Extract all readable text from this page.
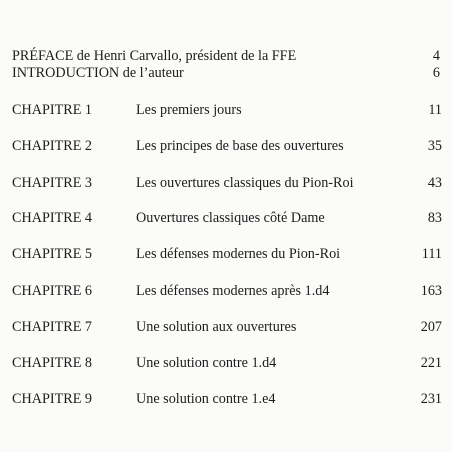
PRÉFACE de Henri Carvallo, président de la FFE	4
INTRODUCTION de l’auteur	6
CHAPITRE 1	Les premiers jours	11
CHAPITRE 2	Les principes de base des ouvertures	35
CHAPITRE 3	Les ouvertures classiques du Pion-Roi	43
CHAPITRE 4	Ouvertures classiques côté Dame	83
CHAPITRE 5	Les défenses modernes du Pion-Roi	111
CHAPITRE 6	Les défenses modernes après 1.d4	163
CHAPITRE 7	Une solution aux ouvertures	207
CHAPITRE 8	Une solution contre 1.d4	221
CHAPITRE 9	Une solution contre 1.e4	231
